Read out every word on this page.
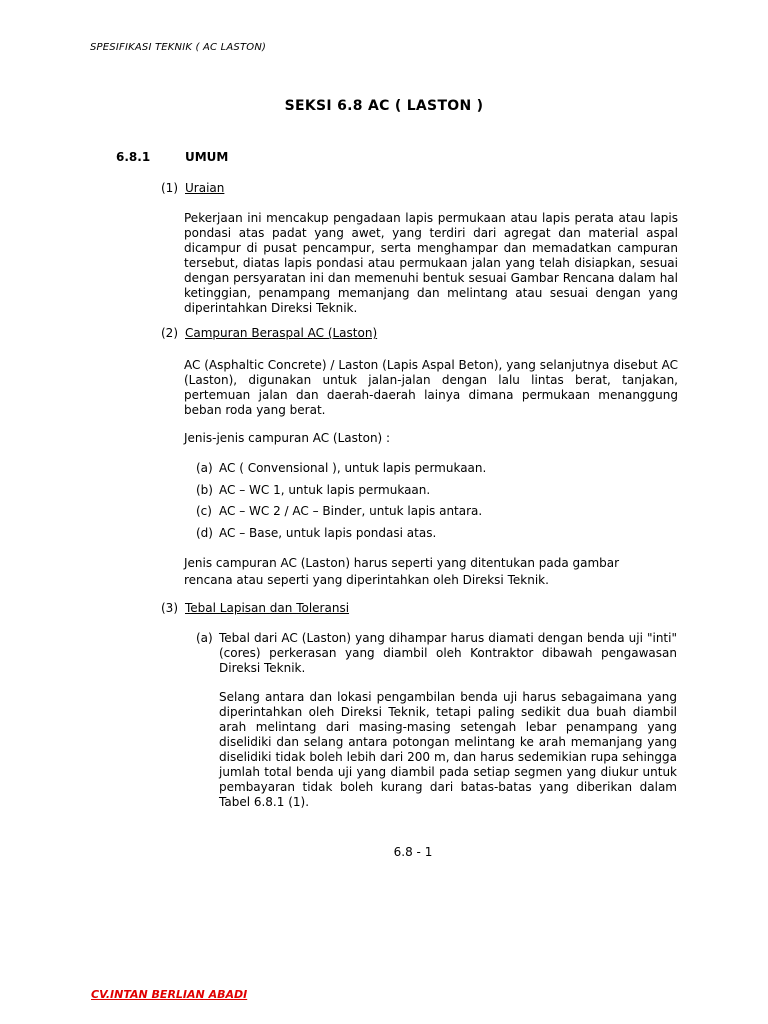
SPESIFIKASI TEKNIK ( AC LASTON)
SEKSI 6.8 AC ( LASTON )
6.8.1	UMUM
(1) Uraian
Pekerjaan ini mencakup pengadaan lapis permukaan atau lapis perata atau lapis pondasi atas padat yang awet, yang terdiri dari agregat dan material aspal dicampur di pusat pencampur, serta menghampar dan memadatkan campuran tersebut, diatas lapis pondasi atau permukaan jalan yang telah disiapkan, sesuai dengan persyaratan ini dan memenuhi bentuk sesuai Gambar Rencana dalam hal ketinggian, penampang memanjang dan melintang atau sesuai dengan yang diperintahkan Direksi Teknik.
(2) Campuran Beraspal AC (Laston)
AC (Asphaltic Concrete) / Laston (Lapis Aspal Beton), yang selanjutnya disebut AC (Laston), digunakan untuk jalan-jalan dengan lalu lintas berat, tanjakan, pertemuan jalan dan daerah-daerah lainya dimana permukaan menanggung beban roda yang berat.
Jenis-jenis campuran AC (Laston) :
(a) AC ( Convensional ), untuk lapis permukaan.
(b) AC – WC 1, untuk lapis permukaan.
(c) AC – WC 2 / AC – Binder, untuk lapis antara.
(d) AC – Base, untuk lapis pondasi atas.
Jenis campuran AC (Laston) harus seperti yang ditentukan pada gambar
rencana atau seperti yang diperintahkan oleh Direksi Teknik.
(3) Tebal Lapisan dan Toleransi
(a) Tebal dari AC (Laston) yang dihampar harus diamati dengan benda uji "inti" (cores) perkerasan yang diambil oleh Kontraktor dibawah pengawasan Direksi Teknik.
Selang antara dan lokasi pengambilan benda uji harus sebagaimana yang diperintahkan oleh Direksi Teknik, tetapi paling sedikit dua buah diambil arah melintang dari masing-masing setengah lebar penampang yang diselidiki dan selang antara potongan melintang ke arah memanjang yang diselidiki tidak boleh lebih dari 200 m, dan harus sedemikian rupa sehingga jumlah total benda uji yang diambil pada setiap segmen yang diukur untuk pembayaran tidak boleh kurang dari batas-batas yang diberikan dalam Tabel 6.8.1 (1).
6.8 - 1
CV.INTAN BERLIAN ABADI
